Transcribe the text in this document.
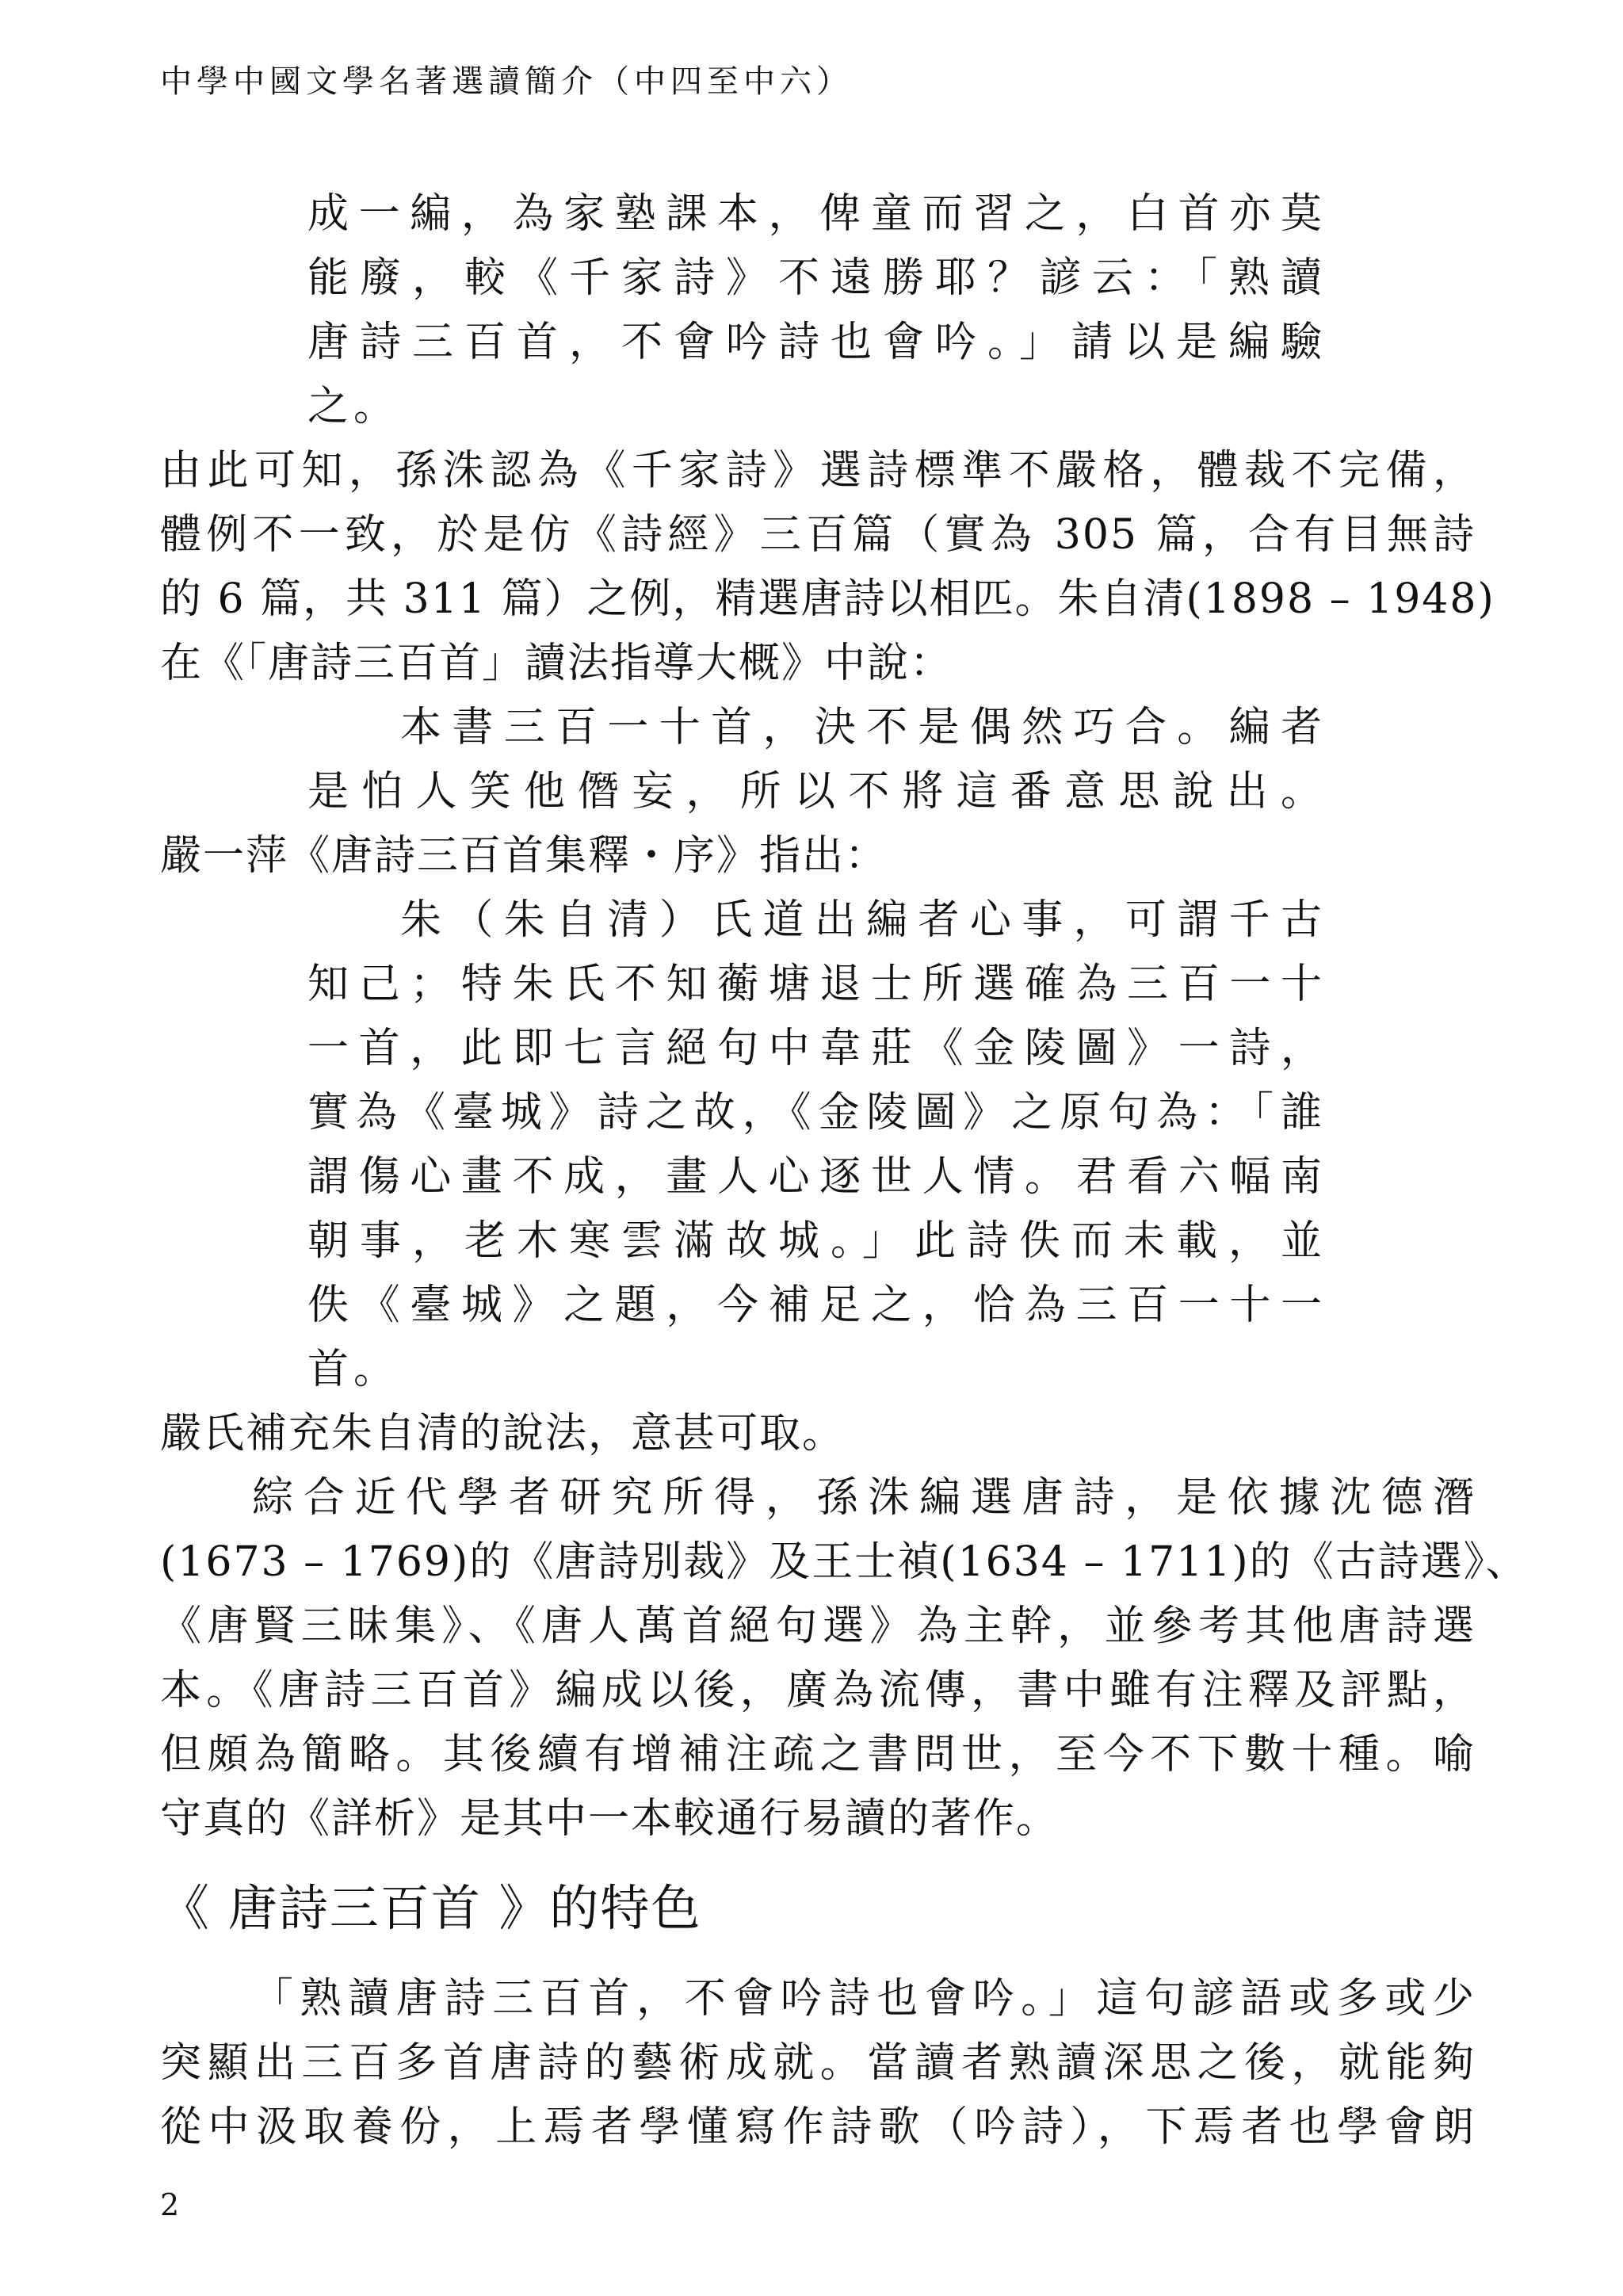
中學中國文學名著選讀簡介（中四至中六）
成一編，為家塾課本，俾童而習之，白首亦莫
能廢，較《千家詩》不遠勝耶？諺云：「熟讀
唐詩三百首，不會吟詩也會吟。」請以是編驗
之。
由此可知，孫洙認為《千家詩》選詩標準不嚴格，體裁不完備，
體例不一致，於是仿《詩經》三百篇（實為 305 篇，合有目無詩
的 6 篇，共 311 篇）之例，精選唐詩以相匹。朱自清(1898 – 1948)
在《「唐詩三百首」讀法指導大概》中說：
本書三百一十首，決不是偶然巧合。編者
是怕人笑他僭妄，所以不將這番意思說出。
嚴一萍《唐詩三百首集釋・序》指出：
朱（朱自清）氏道出編者心事，可謂千古
知己；特朱氏不知蘅塘退士所選確為三百一十
一首，此即七言絕句中韋莊《金陵圖》一詩，
實為《臺城》詩之故，《金陵圖》之原句為：「誰
謂傷心畫不成，畫人心逐世人情。君看六幅南
朝事，老木寒雲滿故城。」此詩佚而未載，並
佚《臺城》之題，今補足之，恰為三百一十一
首。
嚴氏補充朱自清的說法，意甚可取。
綜合近代學者研究所得，孫洙編選唐詩，是依據沈德潛
(1673 – 1769)的《唐詩別裁》及王士禎(1634 – 1711)的《古詩選》、
《唐賢三昧集》、《唐人萬首絕句選》為主幹，並參考其他唐詩選
本。《唐詩三百首》編成以後，廣為流傳，書中雖有注釋及評點，
但頗為簡略。其後續有增補注疏之書問世，至今不下數十種。喻
守真的《詳析》是其中一本較通行易讀的著作。
《 唐詩三百首 》的特色
「熟讀唐詩三百首，不會吟詩也會吟。」這句諺語或多或少
突顯出三百多首唐詩的藝術成就。當讀者熟讀深思之後，就能夠
從中汲取養份，上焉者學懂寫作詩歌（吟詩），下焉者也學會朗
2
